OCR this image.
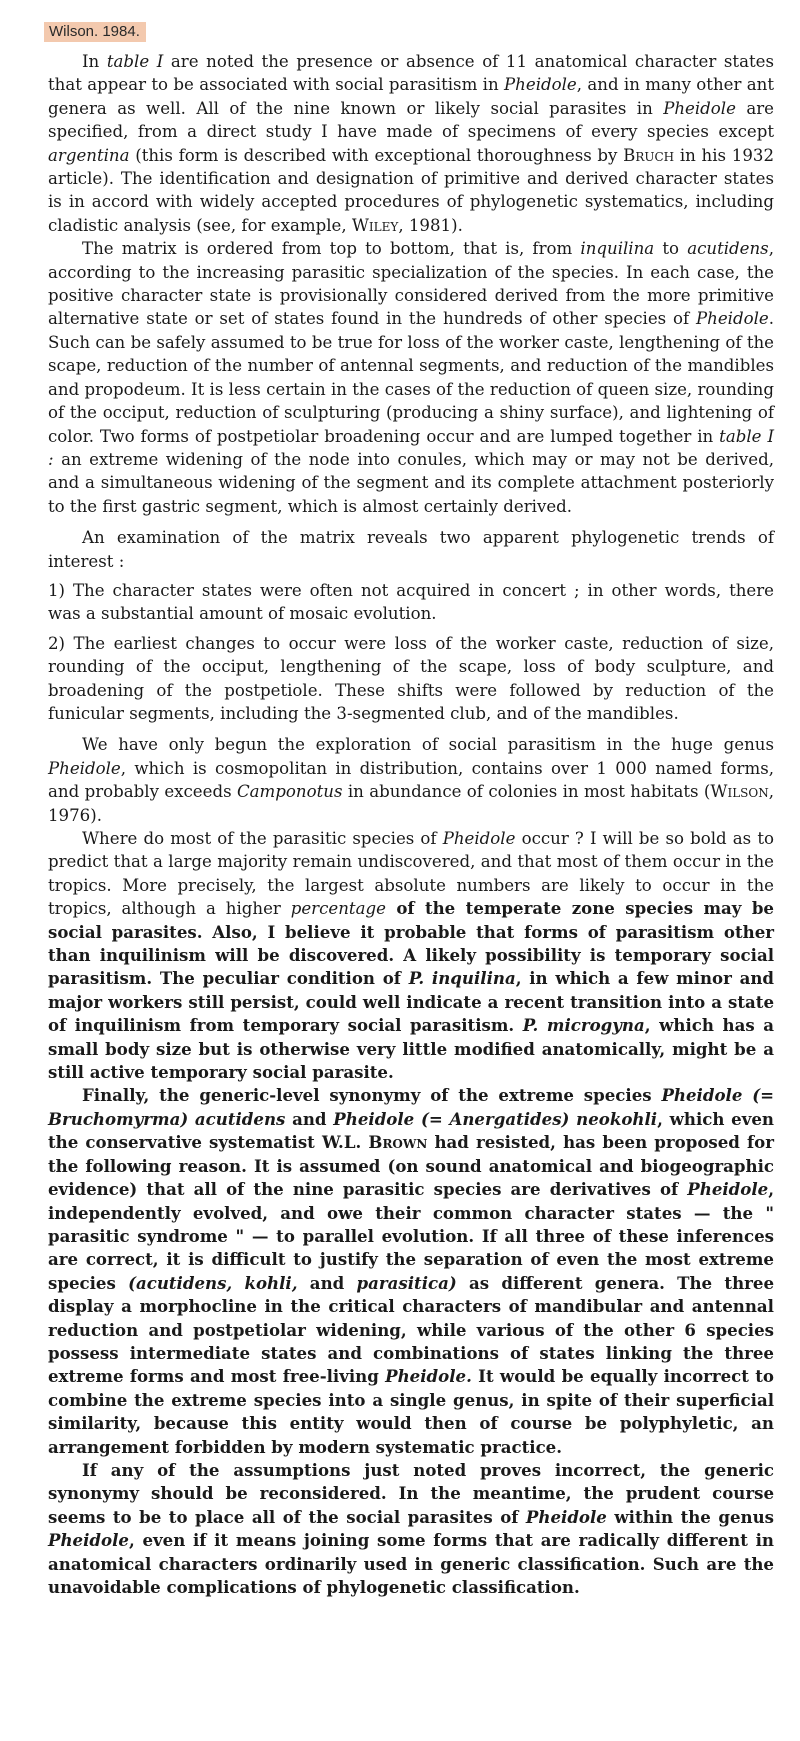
Wilson. 1984.

In table I are noted the presence or absence of 11 anatomical character states that appear to be associated with social parasitism in Pheidole, and in many other ant genera as well. All of the nine known or likely social parasites in Pheidole are specified, from a direct study I have made of specimens of every species except argentina (this form is described with exceptional thoroughness by Bruch in his 1932 article). The identification and designation of primitive and derived character states is in accord with widely accepted procedures of phylogenetic systematics, including cladistic analysis (see, for example, Wiley, 1981).

The matrix is ordered from top to bottom, that is, from inquilina to acutidens, according to the increasing parasitic specialization of the species. In each case, the positive character state is provisionally considered derived from the more primitive alternative state or set of states found in the hundreds of other species of Pheidole. Such can be safely assumed to be true for loss of the worker caste, lengthening of the scape, reduction of the number of antennal segments, and reduction of the mandibles and propodeum. It is less certain in the cases of the reduction of queen size, rounding of the occiput, reduction of sculpturing (producing a shiny surface), and lightening of color. Two forms of postpetiolar broadening occur and are lumped together in table I : an extreme widening of the node into conules, which may or may not be derived, and a simultaneous widening of the segment and its complete attachment posteriorly to the first gastric segment, which is almost certainly derived.

An examination of the matrix reveals two apparent phylogenetic trends of interest :

1) The character states were often not acquired in concert ; in other words, there was a substantial amount of mosaic evolution.

2) The earliest changes to occur were loss of the worker caste, reduction of size, rounding of the occiput, lengthening of the scape, loss of body sculpture, and broadening of the postpetiole. These shifts were followed by reduction of the funicular segments, including the 3-segmented club, and of the mandibles.

We have only begun the exploration of social parasitism in the huge genus Pheidole, which is cosmopolitan in distribution, contains over 1 000 named forms, and probably exceeds Camponotus in abundance of colonies in most habitats (Wilson, 1976).

Where do most of the parasitic species of Pheidole occur ? I will be so bold as to predict that a large majority remain undiscovered, and that most of them occur in the tropics. More precisely, the largest absolute numbers are likely to occur in the tropics, although a higher percentage of the temperate zone species may be social parasites. Also, I believe it probable that forms of parasitism other than inquilinism will be discovered. A likely possibility is temporary social parasitism. The peculiar condition of P. inquilina, in which a few minor and major workers still persist, could well indicate a recent transition into a state of inquilinism from temporary social parasitism. P. microgyna, which has a small body size but is otherwise very little modified anatomically, might be a still active temporary social parasite.

Finally, the generic-level synonymy of the extreme species Pheidole (= Bruchomyrma) acutidens and Pheidole (= Anergatides) neokohli, which even the conservative systematist W.L. Brown had resisted, has been proposed for the following reason. It is assumed (on sound anatomical and biogeographic evidence) that all of the nine parasitic species are derivatives of Pheidole, independently evolved, and owe their common character states — the " parasitic syndrome " — to parallel evolution. If all three of these inferences are correct, it is difficult to justify the separation of even the most extreme species (acutidens, kohli, and parasitica) as different genera. The three display a morphocline in the critical characters of mandibular and antennal reduction and postpetiolar widening, while various of the other 6 species possess intermediate states and combinations of states linking the three extreme forms and most free-living Pheidole. It would be equally incorrect to combine the extreme species into a single genus, in spite of their superficial similarity, because this entity would then of course be polyphyletic, an arrangement forbidden by modern systematic practice.

If any of the assumptions just noted proves incorrect, the generic synonymy should be reconsidered. In the meantime, the prudent course seems to be to place all of the social parasites of Pheidole within the genus Pheidole, even if it means joining some forms that are radically different in anatomical characters ordinarily used in generic classification. Such are the unavoidable complications of phylogenetic classification.
